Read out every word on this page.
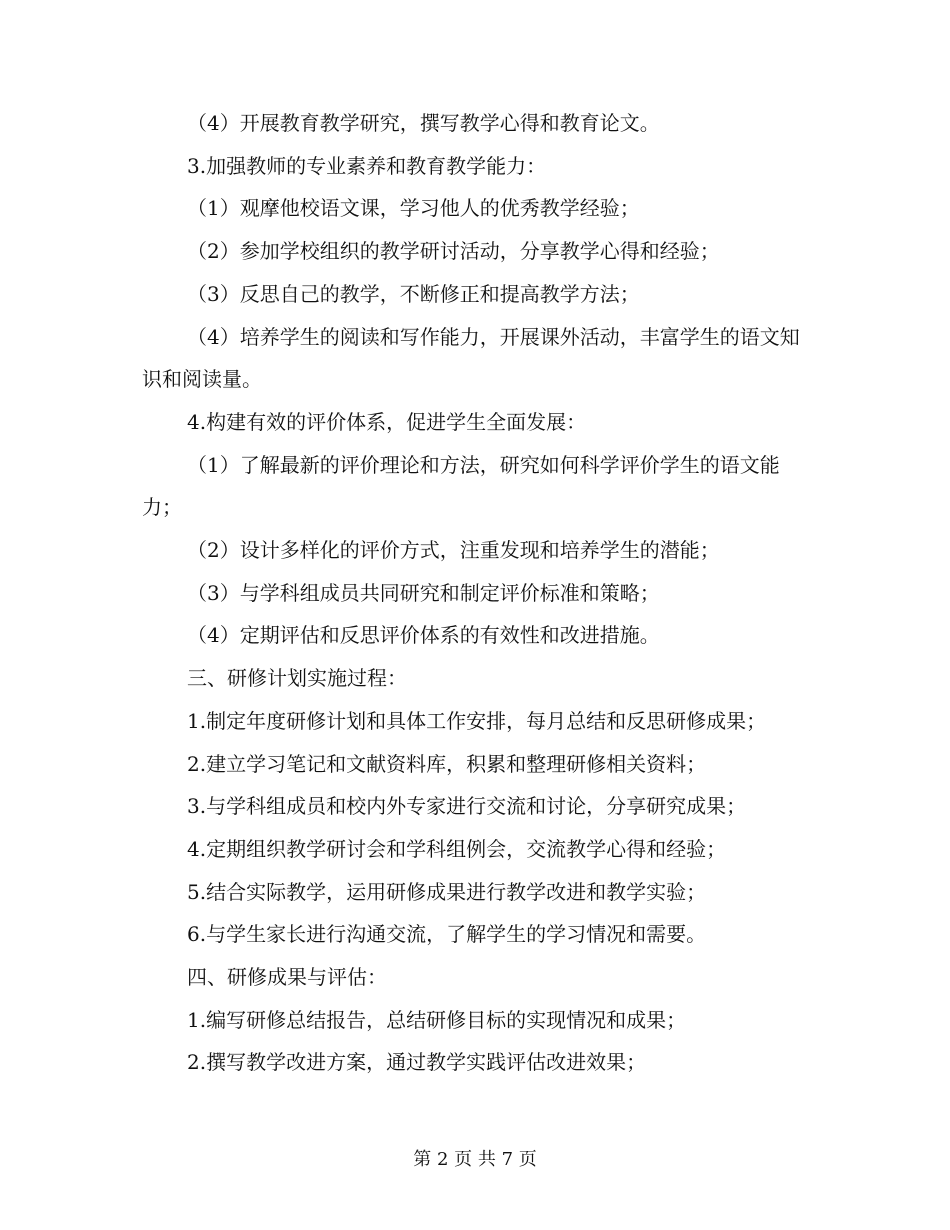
（4）开展教育教学研究，撰写教学心得和教育论文。

3.加强教师的专业素养和教育教学能力：

（1）观摩他校语文课，学习他人的优秀教学经验；

（2）参加学校组织的教学研讨活动，分享教学心得和经验；

（3）反思自己的教学，不断修正和提高教学方法；

（4）培养学生的阅读和写作能力，开展课外活动，丰富学生的语文知识和阅读量。

4.构建有效的评价体系，促进学生全面发展：

（1）了解最新的评价理论和方法，研究如何科学评价学生的语文能力；

（2）设计多样化的评价方式，注重发现和培养学生的潜能；

（3）与学科组成员共同研究和制定评价标准和策略；

（4）定期评估和反思评价体系的有效性和改进措施。

三、研修计划实施过程：

1.制定年度研修计划和具体工作安排，每月总结和反思研修成果；

2.建立学习笔记和文献资料库，积累和整理研修相关资料；

3.与学科组成员和校内外专家进行交流和讨论，分享研究成果；

4.定期组织教学研讨会和学科组例会，交流教学心得和经验；

5.结合实际教学，运用研修成果进行教学改进和教学实验；

6.与学生家长进行沟通交流，了解学生的学习情况和需要。

四、研修成果与评估：

1.编写研修总结报告，总结研修目标的实现情况和成果；

2.撰写教学改进方案，通过教学实践评估改进效果；

第 2 页 共 7 页
